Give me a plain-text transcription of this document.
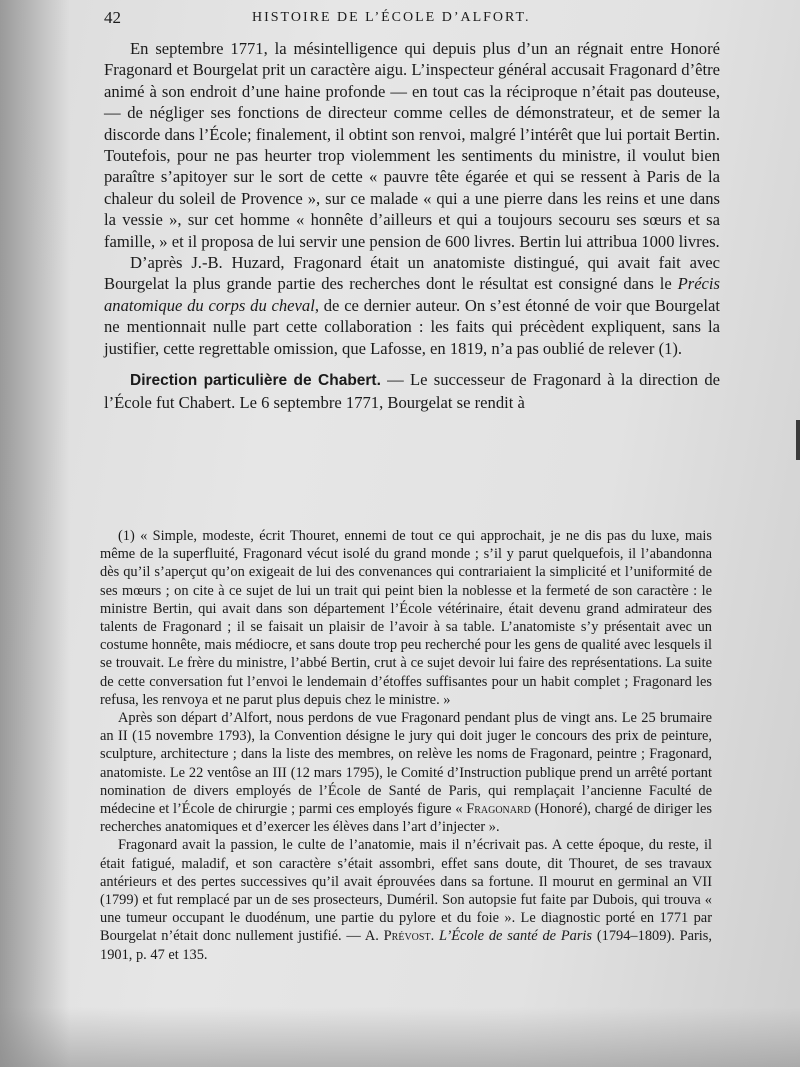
42	HISTOIRE DE L’ÉCOLE D’ALFORT.

En septembre 1771, la mésintelligence qui depuis plus d’un an régnait entre Honoré Fragonard et Bourgelat prit un caractère aigu. L’inspecteur général accusait Fragonard d’être animé à son endroit d’une haine profonde — en tout cas la réciproque n’était pas douteuse, — de négliger ses fonctions de directeur comme celles de démonstrateur, et de semer la discorde dans l’École; finalement, il obtint son renvoi, malgré l’intérêt que lui portait Bertin. Toutefois, pour ne pas heurter trop violemment les sentiments du ministre, il voulut bien paraître s’apitoyer sur le sort de cette « pauvre tête égarée et qui se ressent à Paris de la chaleur du soleil de Provence », sur ce malade « qui a une pierre dans les reins et une dans la vessie », sur cet homme « honnête d’ailleurs et qui a toujours secouru ses sœurs et sa famille, » et il proposa de lui servir une pension de 600 livres. Bertin lui attribua 1000 livres.

D’après J.-B. Huzard, Fragonard était un anatomiste distingué, qui avait fait avec Bourgelat la plus grande partie des recherches dont le résultat est consigné dans le Précis anatomique du corps du cheval, de ce dernier auteur. On s’est étonné de voir que Bourgelat ne mentionnait nulle part cette collaboration : les faits qui précèdent expliquent, sans la justifier, cette regrettable omission, que Lafosse, en 1819, n’a pas oublié de relever (1).

Direction particulière de Chabert. — Le successeur de Fragonard à la direction de l’École fut Chabert. Le 6 septembre 1771, Bourgelat se rendit à

(1) « Simple, modeste, écrit Thouret, ennemi de tout ce qui approchait, je ne dis pas du luxe, mais même de la superfluité, Fragonard vécut isolé du grand monde ; s’il y parut quelquefois, il l’abandonna dès qu’il s’aperçut qu’on exigeait de lui des convenances qui contrariaient la simplicité et l’uniformité de ses mœurs ; on cite à ce sujet de lui un trait qui peint bien la noblesse et la fermeté de son caractère : le ministre Bertin, qui avait dans son département l’École vétérinaire, était devenu grand admirateur des talents de Fragonard ; il se faisait un plaisir de l’avoir à sa table. L’anatomiste s’y présentait avec un costume honnête, mais médiocre, et sans doute trop peu recherché pour les gens de qualité avec lesquels il se trouvait. Le frère du ministre, l’abbé Bertin, crut à ce sujet devoir lui faire des représentations. La suite de cette conversation fut l’envoi le lendemain d’étoffes suffisantes pour un habit complet ; Fragonard les refusa, les renvoya et ne parut plus depuis chez le ministre. »

Après son départ d’Alfort, nous perdons de vue Fragonard pendant plus de vingt ans. Le 25 brumaire an II (15 novembre 1793), la Convention désigne le jury qui doit juger le concours des prix de peinture, sculpture, architecture ; dans la liste des membres, on relève les noms de Fragonard, peintre ; Fragonard, anatomiste. Le 22 ventôse an III (12 mars 1795), le Comité d’Instruction publique prend un arrêté portant nomination de divers employés de l’École de Santé de Paris, qui remplaçait l’ancienne Faculté de médecine et l’École de chirurgie ; parmi ces employés figure « Fragonard (Honoré), chargé de diriger les recherches anatomiques et d’exercer les élèves dans l’art d’injecter ».

Fragonard avait la passion, le culte de l’anatomie, mais il n’écrivait pas. A cette époque, du reste, il était fatigué, maladif, et son caractère s’était assombri, effet sans doute, dit Thouret, de ses travaux antérieurs et des pertes successives qu’il avait éprouvées dans sa fortune. Il mourut en germinal an VII (1799) et fut remplacé par un de ses prosecteurs, Duméril. Son autopsie fut faite par Dubois, qui trouva « une tumeur occupant le duodénum, une partie du pylore et du foie ». Le diagnostic porté en 1771 par Bourgelat n’était donc nullement justifié. — A. Prévost. L’École de santé de Paris (1794–1809). Paris, 1901, p. 47 et 135.
